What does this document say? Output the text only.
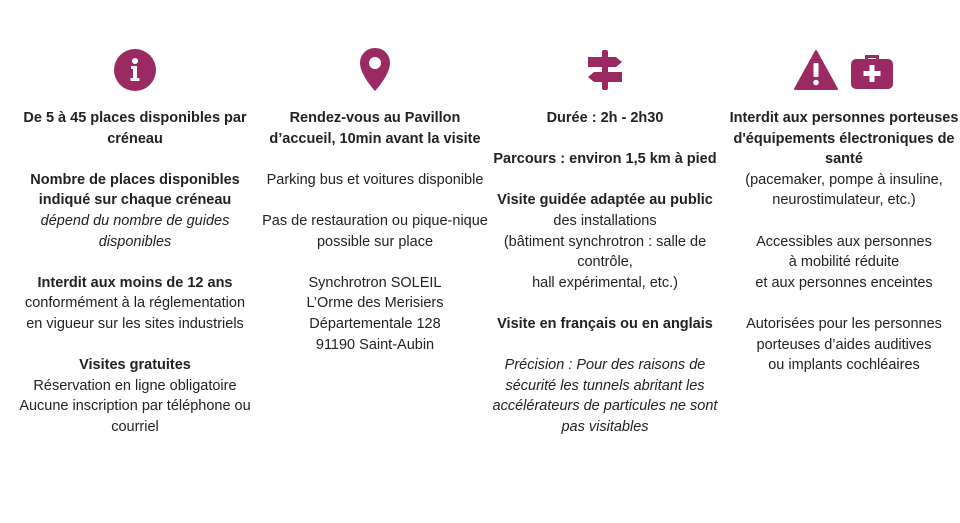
De 5 à 45 places disponibles par créneau

Nombre de places disponibles indiqué sur chaque créneau
dépend du nombre de guides disponibles

Interdit aux moins de 12 ans
conformément à la réglementation en vigueur sur les sites industriels

Visites gratuites
Réservation en ligne obligatoire
Aucune inscription par téléphone ou courriel

Rendez-vous au Pavillon d’accueil, 10min avant la visite

Parking bus et voitures disponible

Pas de restauration ou pique-nique possible sur place

Synchrotron SOLEIL
L’Orme des Merisiers
Départementale 128
91190 Saint-Aubin

Durée : 2h - 2h30

Parcours : environ 1,5 km à pied

Visite guidée adaptée au public des installations
(bâtiment synchrotron : salle de contrôle,
hall expérimental, etc.)

Visite en français ou en anglais

Précision : Pour des raisons de sécurité les tunnels abritant les accélérateurs de particules ne sont pas visitables

Interdit aux personnes porteuses d'équipements électroniques de santé
(pacemaker, pompe à insuline, neurostimulateur, etc.)

Accessibles aux personnes
à mobilité réduite
et aux personnes enceintes

Autorisées pour les personnes porteuses d’aides auditives
ou implants cochléaires
